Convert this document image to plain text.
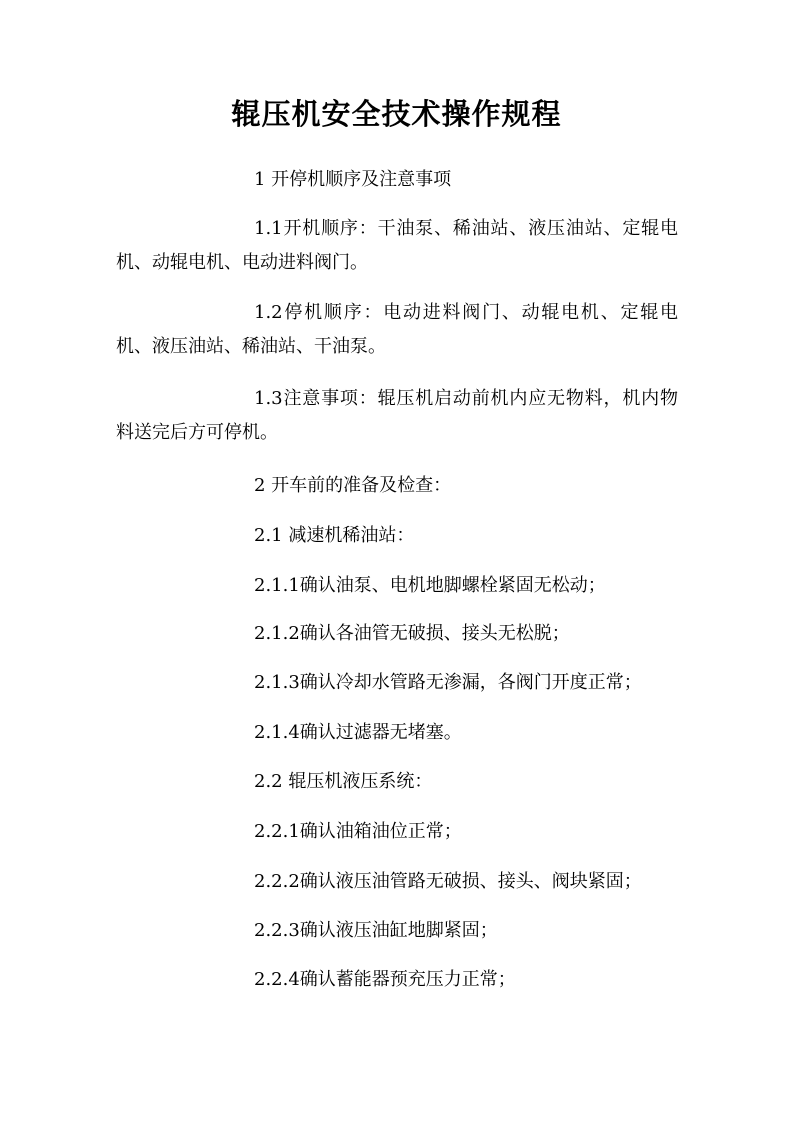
辊压机安全技术操作规程

1 开停机顺序及注意事项

1.1开机顺序：干油泵、稀油站、液压油站、定辊电机、动辊电机、电动进料阀门。

1.2停机顺序：电动进料阀门、动辊电机、定辊电机、液压油站、稀油站、干油泵。

1.3注意事项：辊压机启动前机内应无物料，机内物料送完后方可停机。

2 开车前的准备及检查：

2.1 减速机稀油站：

2.1.1确认油泵、电机地脚螺栓紧固无松动；

2.1.2确认各油管无破损、接头无松脱；

2.1.3确认冷却水管路无渗漏，各阀门开度正常；

2.1.4确认过滤器无堵塞。

2.2 辊压机液压系统：

2.2.1确认油箱油位正常；

2.2.2确认液压油管路无破损、接头、阀块紧固；

2.2.3确认液压油缸地脚紧固；

2.2.4确认蓄能器预充压力正常；
